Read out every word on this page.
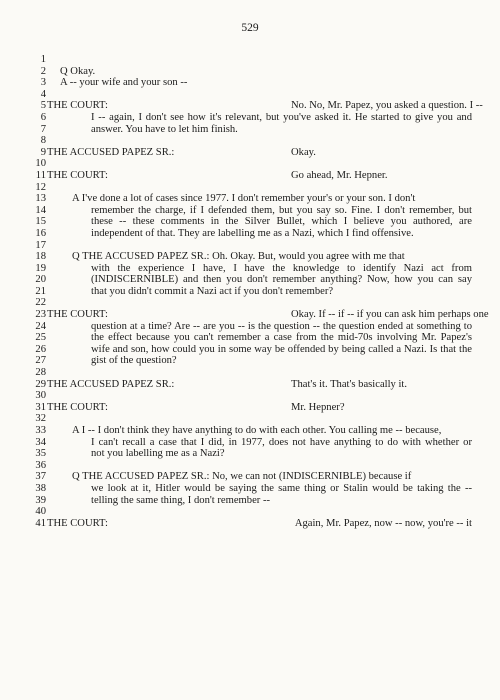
529
1
2 Q Okay.
3 A -- your wife and your son --
4
5 THE COURT:	No. No, Mr. Papez, you asked a question. I --
6	I -- again, I don't see how it's relevant, but you've asked it. He started to give you and
7	answer. You have to let him finish.
8
9 THE ACCUSED PAPEZ SR.:	Okay.
10
11 THE COURT:	Go ahead, Mr. Hepner.
12
13 A I've done a lot of cases since 1977. I don't remember your's or your son. I don't
14	remember the charge, if I defended them, but you say so. Fine. I don't remember, but
15	these -- these comments in the Silver Bullet, which I believe you authored, are
16	independent of that. They are labelling me as a Nazi, which I find offensive.
17
18 Q THE ACCUSED PAPEZ SR.: Oh. Okay. But, would you agree with me that
19	with the experience I have, I have the knowledge to identify Nazi act from
20	(INDISCERNIBLE) and then you don't remember anything? Now, how you can say
21	that you didn't commit a Nazi act if you don't remember?
22
23 THE COURT:	Okay. If -- if -- if you can ask him perhaps one
24	question at a time? Are -- are you -- is the question -- the question ended at something to
25	the effect because you can't remember a case from the mid-70s involving Mr. Papez's
26	wife and son, how could you in some way be offended by being called a Nazi. Is that the
27	gist of the question?
28
29 THE ACCUSED PAPEZ SR.:	That's it. That's basically it.
30
31 THE COURT:	Mr. Hepner?
32
33 A I -- I don't think they have anything to do with each other. You calling me -- because,
34	I can't recall a case that I did, in 1977, does not have anything to do with whether or
35	not you labelling me as a Nazi?
36
37 Q THE ACCUSED PAPEZ SR.: No, we can not (INDISCERNIBLE) because if
38	we look at it, Hitler would be saying the same thing or Stalin would be taking the --
39	telling the same thing, I don't remember --
40
41 THE COURT:	Again, Mr. Papez, now -- now, you're -- it
